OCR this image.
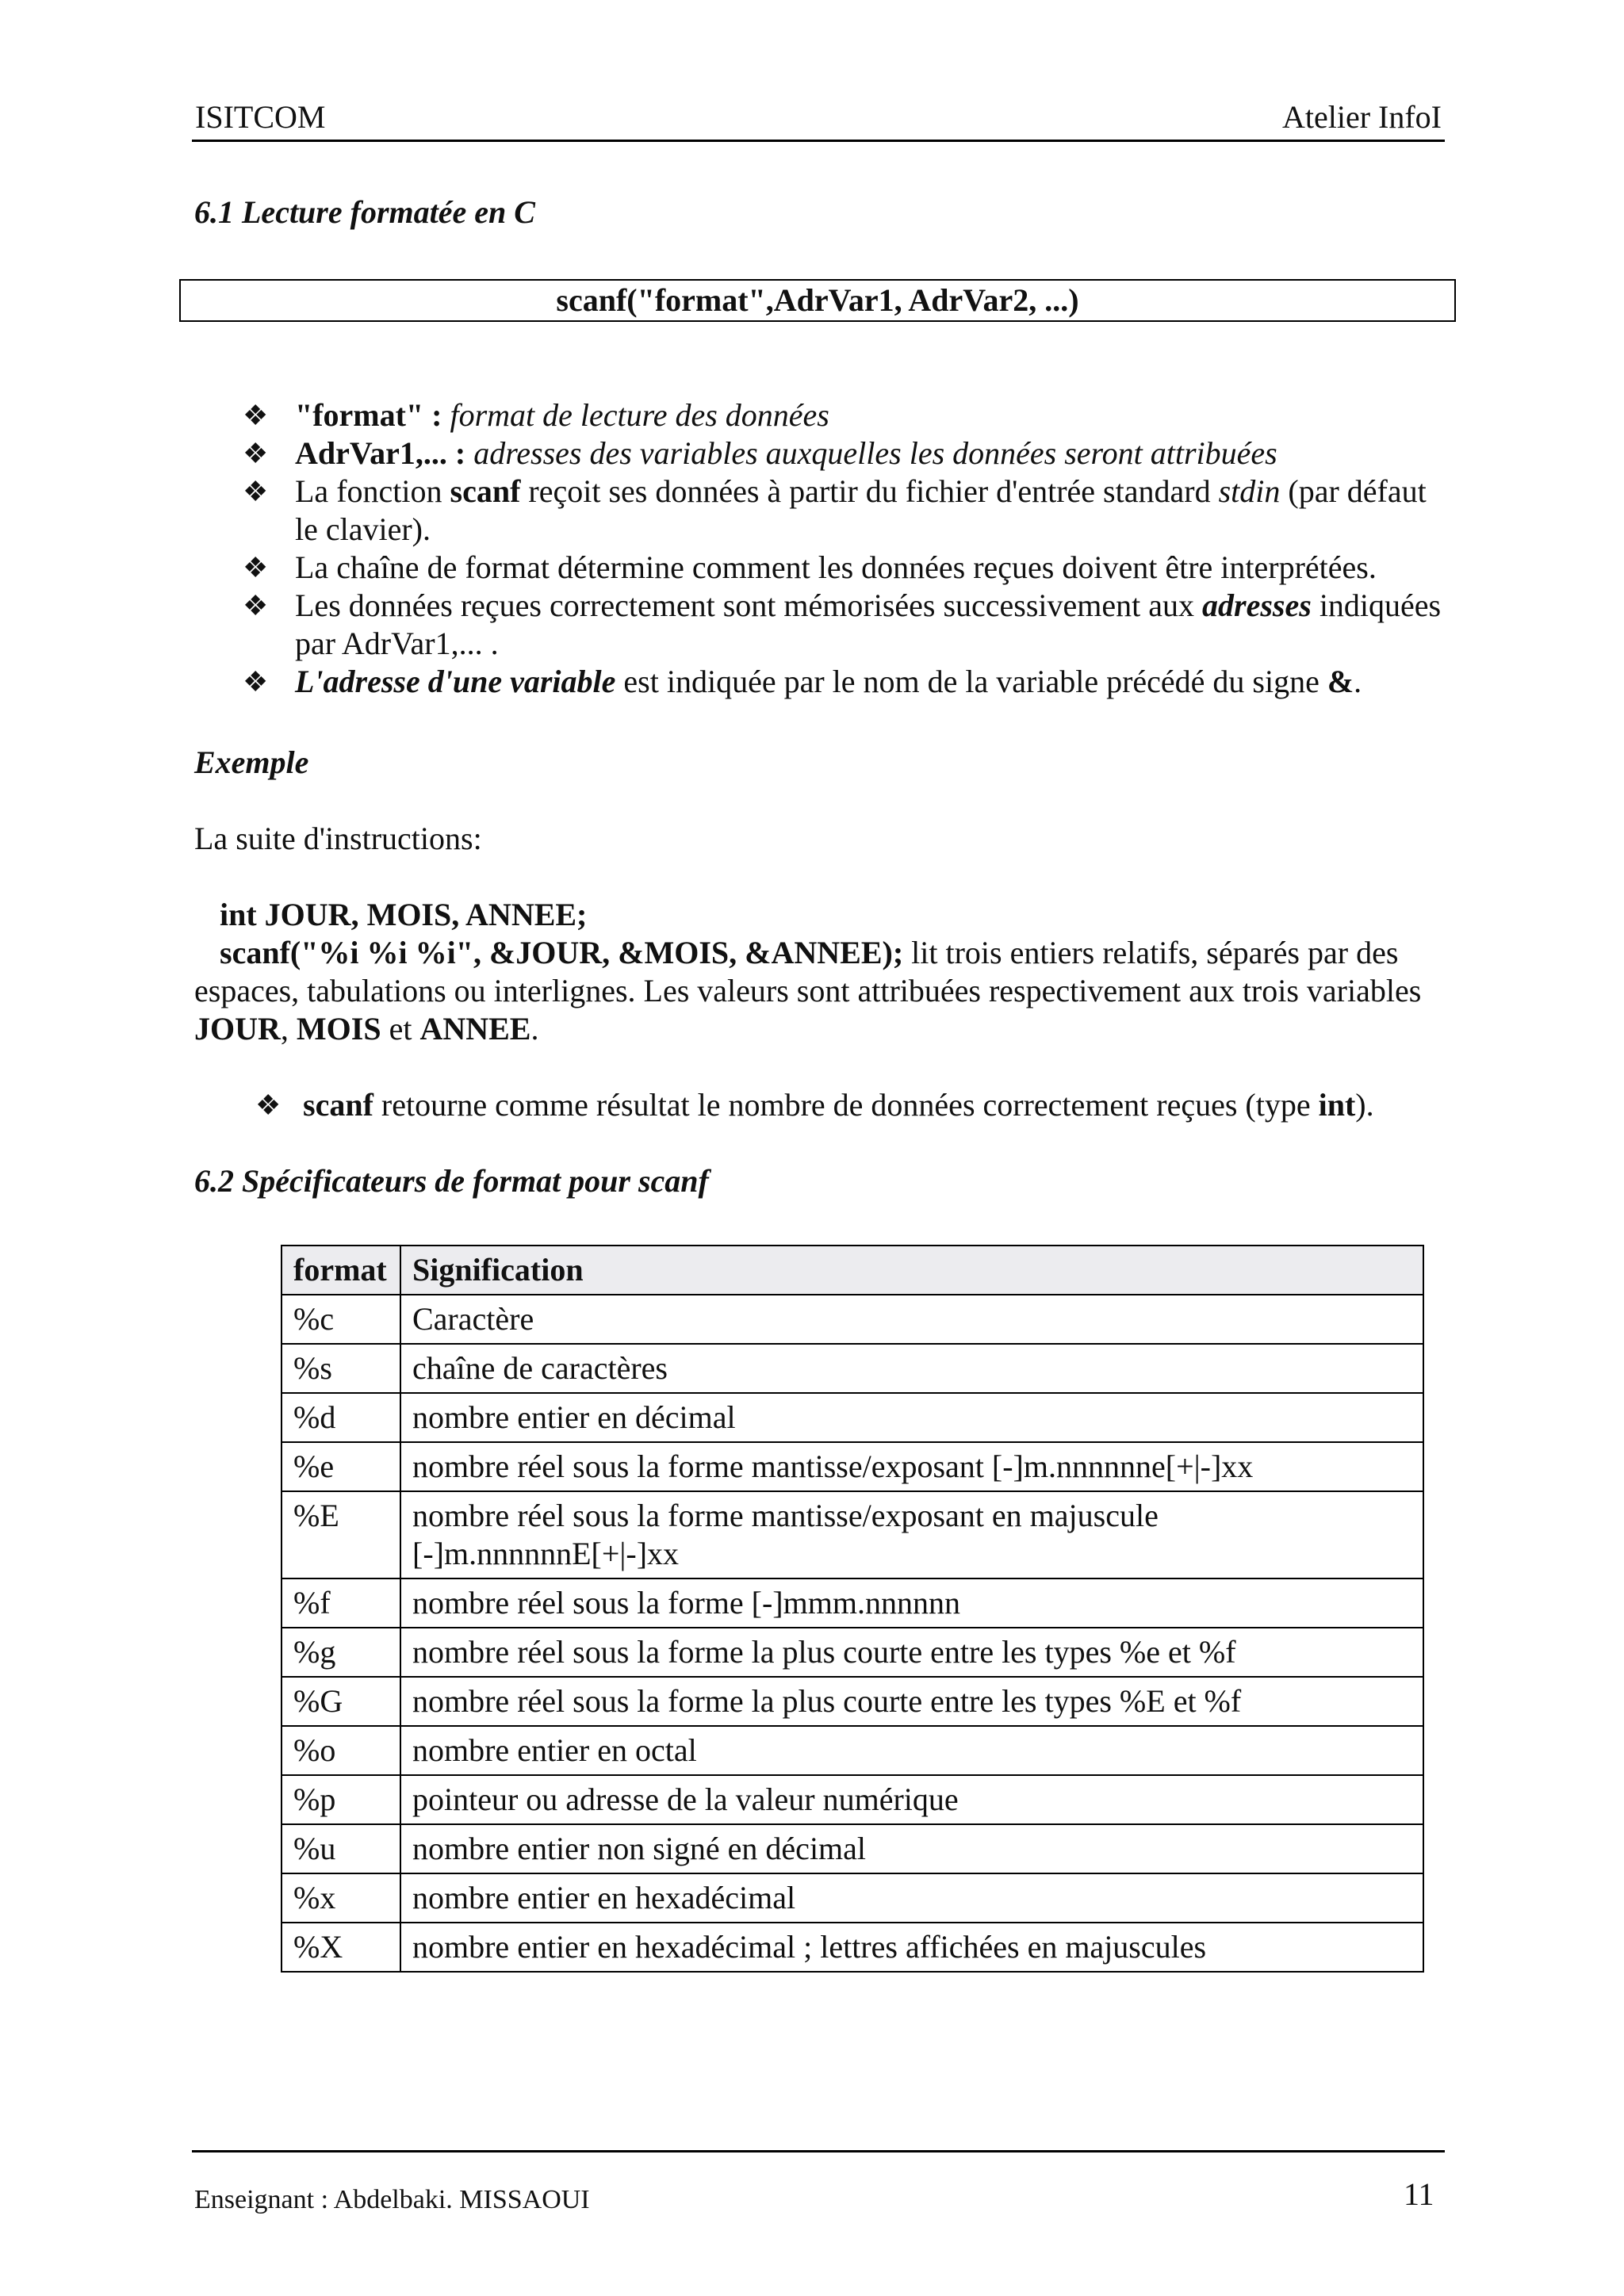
ISITCOM	Atelier InfoI
6.1 Lecture formatée en C
scanf("format",AdrVar1, AdrVar2, ...)
❖ "format" : format de lecture des données
❖ AdrVar1,... : adresses des variables auxquelles les données seront attribuées
❖ La fonction scanf reçoit ses données à partir du fichier d'entrée standard stdin (par défaut le clavier).
❖ La chaîne de format détermine comment les données reçues doivent être interprétées.
❖ Les données reçues correctement sont mémorisées successivement aux adresses indiquées par AdrVar1,... .
❖ L'adresse d'une variable est indiquée par le nom de la variable précédé du signe &.
Exemple

La suite d'instructions:

int JOUR, MOIS, ANNEE;
scanf("%i %i %i", &JOUR, &MOIS, &ANNEE); lit trois entiers relatifs, séparés par des espaces, tabulations ou interlignes. Les valeurs sont attribuées respectivement aux trois variables JOUR, MOIS et ANNEE.

❖ scanf retourne comme résultat le nombre de données correctement reçues (type int).
6.2 Spécificateurs de format pour scanf
format	Signification
%c	Caractère
%s	chaîne de caractères
%d	nombre entier en décimal
%e	nombre réel sous la forme mantisse/exposant [-]m.nnnnnne[+|-]xx
%E	nombre réel sous la forme mantisse/exposant en majuscule [-]m.nnnnnnE[+|-]xx
%f	nombre réel sous la forme [-]mmm.nnnnnn
%g	nombre réel sous la forme la plus courte entre les types %e et %f
%G	nombre réel sous la forme la plus courte entre les types %E et %f
%o	nombre entier en octal
%p	pointeur ou adresse de la valeur numérique
%u	nombre entier non signé en décimal
%x	nombre entier en hexadécimal
%X	nombre entier en hexadécimal ; lettres affichées en majuscules
Enseignant : Abdelbaki. MISSAOUI	11
